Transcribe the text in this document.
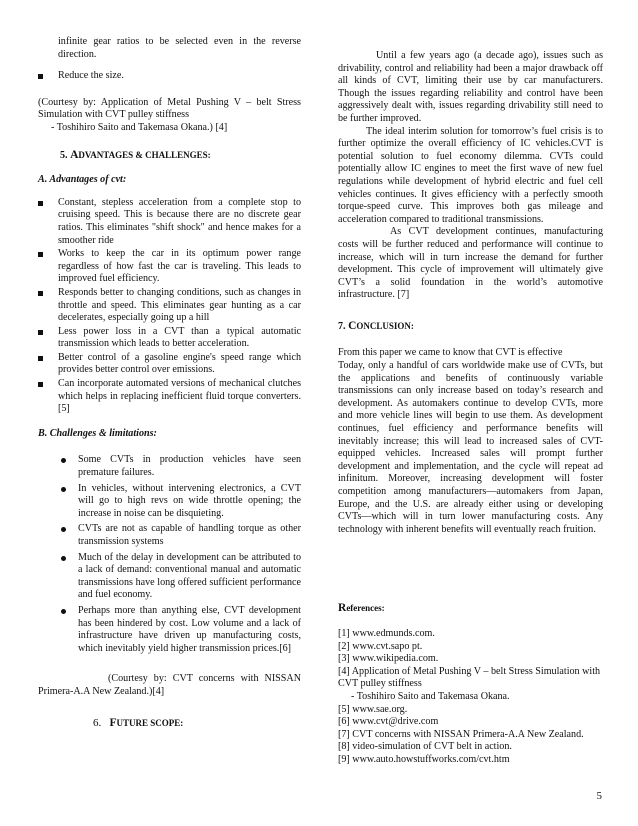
infinite gear ratios to be selected even in the reverse direction.

Reduce the size.

(Courtesy by: Application of Metal Pushing V – belt Stress Simulation with CVT pulley stiffness

- Toshihiro Saito and Takemasa Okana.) [4]

5. ADVANTAGES & CHALLENGES:

A. Advantages of cvt:

Constant, stepless acceleration from a complete stop to cruising speed. This is because there are no discrete gear ratios. This eliminates "shift shock" and hence makes for a smoother ride
Works to keep the car in its optimum power range regardless of how fast the car is traveling. This leads to improved fuel efficiency.
Responds better to changing conditions, such as changes in throttle and speed. This eliminates gear hunting as a car decelerates, especially going up a hill
Less power loss in a CVT than a typical automatic transmission which leads to better acceleration.
Better control of a gasoline engine's speed range which provides better control over emissions.
Can incorporate automated versions of mechanical clutches which helps in replacing inefficient fluid torque converters.[5]

B. Challenges & limitations:

Some CVTs in production vehicles have seen premature failures.
In vehicles, without intervening electronics, a CVT will go to high revs on wide throttle opening; the increase in noise can be disquieting.
CVTs are not as capable of handling torque as other transmission systems
Much of the delay in development can be attributed to a lack of demand: conventional manual and automatic transmissions have long offered sufficient performance and fuel economy.
Perhaps more than anything else, CVT development has been hindered by cost. Low volume and a lack of infrastructure have driven up manufacturing costs, which inevitably yield higher transmission prices.[6]

(Courtesy by: CVT concerns with NISSAN Primera-A.A New Zealand.)[4]

6. FUTURE SCOPE:

Until a few years ago (a decade ago), issues such as drivability, control and reliability had been a major drawback off all kinds of CVT, limiting their use by car manufacturers. Though the issues regarding reliability and control have been aggressively dealt with, issues regarding drivability still need to be further improved.

The ideal interim solution for tomorrow’s fuel crisis is to further optimize the overall efficiency of IC vehicles.CVT is potential solution to fuel economy dilemma. CVTs could potentially allow IC engines to meet the first wave of new fuel regulations while development of hybrid electric and fuel cell vehicles continues. It gives efficiency with a perfectly smooth torque-speed curve. This improves both gas mileage and acceleration compared to traditional transmissions.

As CVT development continues, manufacturing costs will be further reduced and performance will continue to increase, which will in turn increase the demand for further development. This cycle of improvement will ultimately give CVT’s a solid foundation in the world’s automotive infrastructure. [7]

7. CONCLUSION:

From this paper we came to know that CVT is effective

Today, only a handful of cars worldwide make use of CVTs, but the applications and benefits of continuously variable transmissions can only increase based on today’s research and development. As automakers continue to develop CVTs, more and more vehicle lines will begin to use them. As development continues, fuel efficiency and performance benefits will inevitably increase; this will lead to increased sales of CVT-equipped vehicles. Increased sales will prompt further development and implementation, and the cycle will repeat ad infinitum. Moreover, increasing development will foster competition among manufacturers—automakers from Japan, Europe, and the U.S. are already either using or developing CVTs—which will in turn lower manufacturing costs. Any technology with inherent benefits will eventually reach fruition.

References:

[1] www.edmunds.com.

[2] www.cvt.sapo pt.

[3] www.wikipedia.com.

[4] Application of Metal Pushing V – belt Stress Simulation with CVT pulley stiffness

- Toshihiro Saito and Takemasa Okana.

[5] www.sae.org.

[6] www.cvt@drive.com

[7] CVT concerns with NISSAN Primera-A.A New Zealand.

[8] video-simulation of CVT belt in action.

[9] www.auto.howstuffworks.com/cvt.htm

5
